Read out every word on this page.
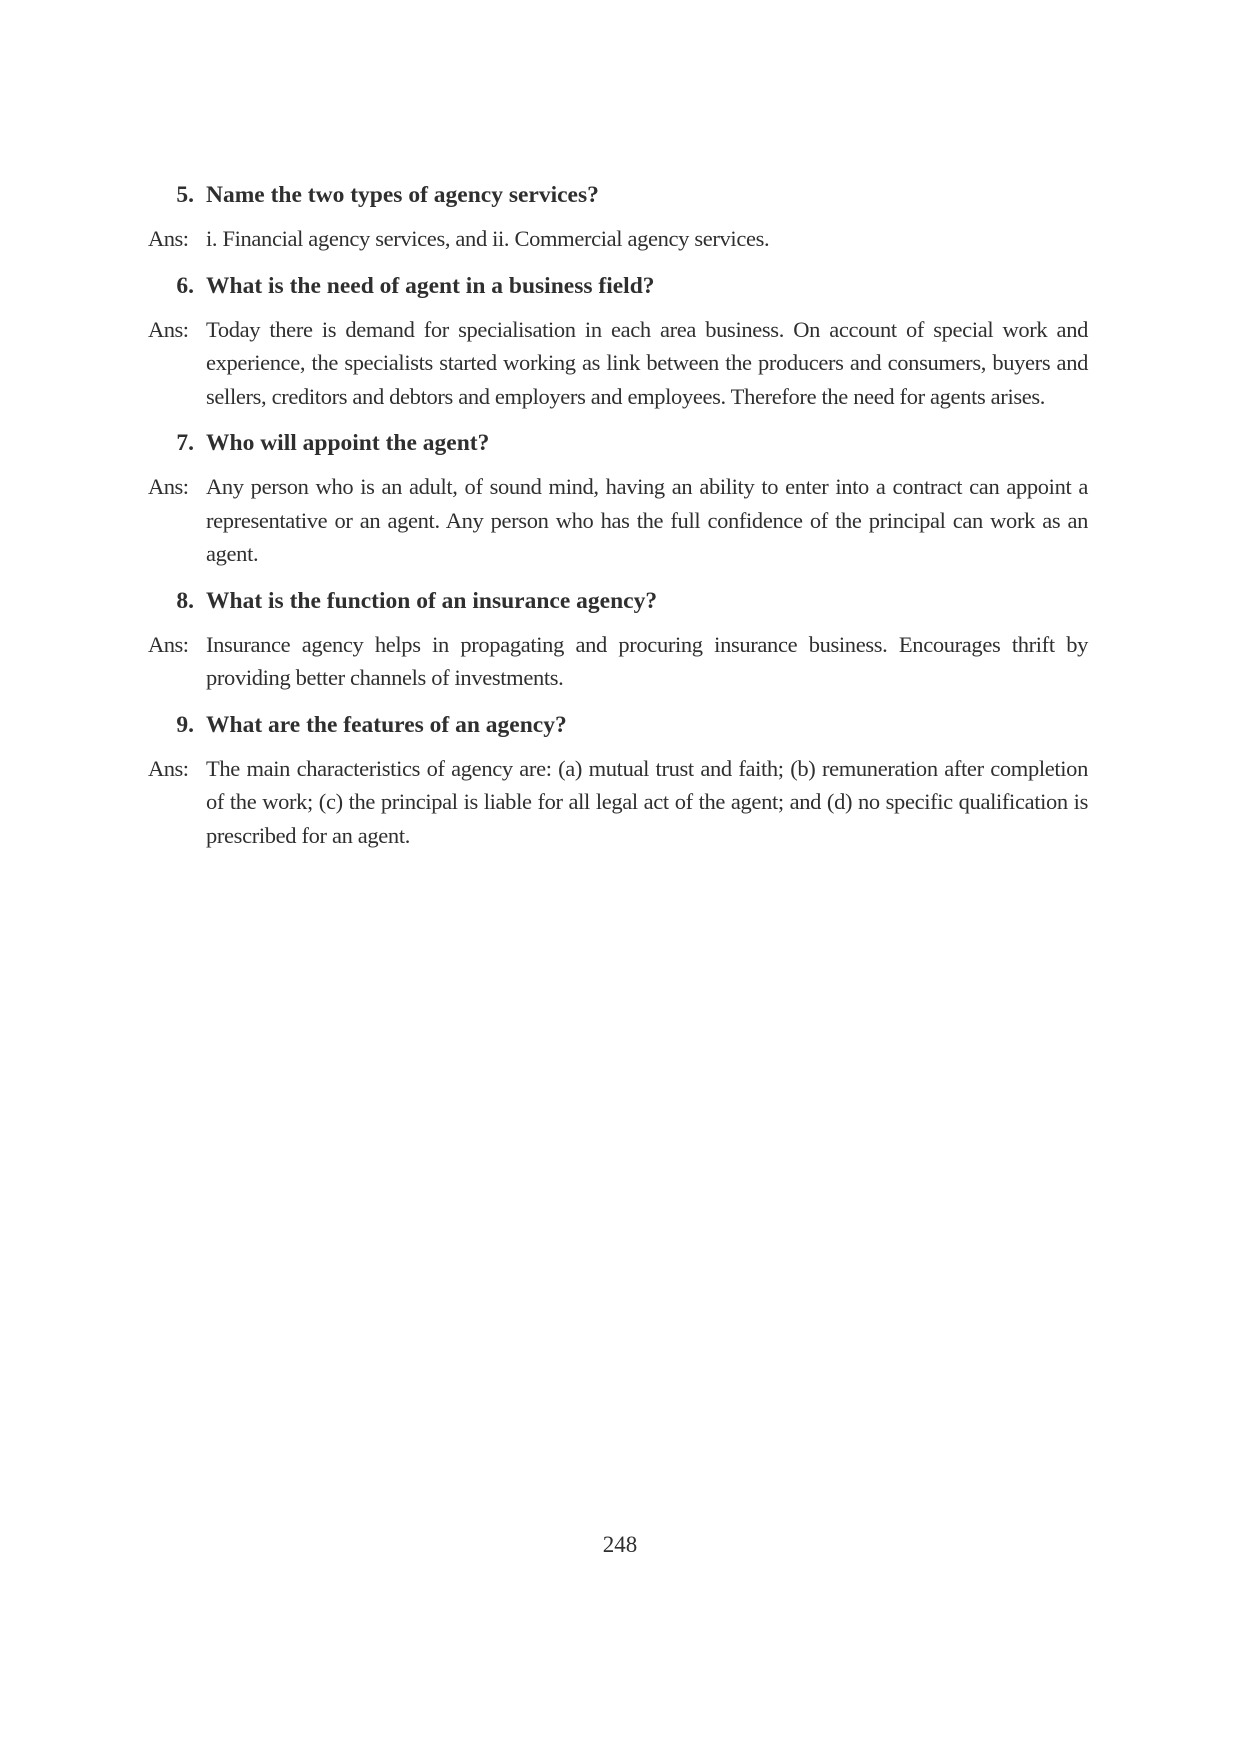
5. Name the two types of agency services?
Ans: i. Financial agency services, and ii. Commercial agency services.
6. What is the need of agent in a business field?
Ans: Today there is demand for specialisation in each area business. On account of special work and experience, the specialists started working as link between the producers and consumers, buyers and sellers, creditors and debtors and employers and employees. Therefore the need for agents arises.
7. Who will appoint the agent?
Ans: Any person who is an adult, of sound mind, having an ability to enter into a contract can appoint a representative or an agent. Any person who has the full confidence of the principal can work as an agent.
8. What is the function of an insurance agency?
Ans: Insurance agency helps in propagating and procuring insurance business. Encourages thrift by providing better channels of investments.
9. What are the features of an agency?
Ans: The main characteristics of agency are: (a) mutual trust and faith; (b) remuneration after completion of the work; (c) the principal is liable for all legal act of the agent; and (d) no specific qualification is prescribed for an agent.
248
